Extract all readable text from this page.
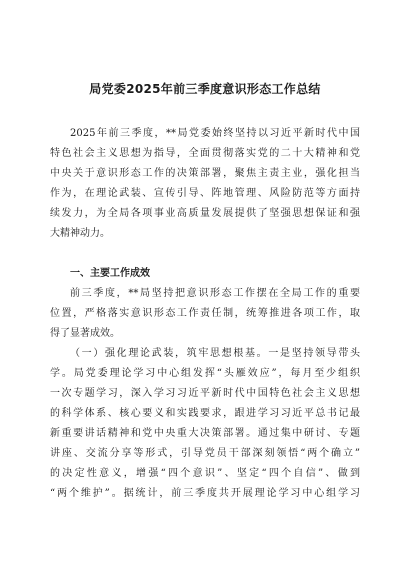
局党委2025年前三季度意识形态工作总结
2025年前三季度，**局党委始终坚持以习近平新时代中国
特色社会主义思想为指导，全面贯彻落实党的二十大精神和党
中央关于意识形态工作的决策部署，聚焦主责主业，强化担当
作为，在理论武装、宣传引导、阵地管理、风险防范等方面持
续发力，为全局各项事业高质量发展提供了坚强思想保证和强
大精神动力。
一、主要工作成效
前三季度，**局坚持把意识形态工作摆在全局工作的重要
位置，严格落实意识形态工作责任制，统筹推进各项工作，取
得了显著成效。
（一）强化理论武装，筑牢思想根基。一是坚持领导带头
学。局党委理论学习中心组发挥“头雁效应”，每月至少组织
一次专题学习，深入学习习近平新时代中国特色社会主义思想
的科学体系、核心要义和实践要求，跟进学习习近平总书记最
新重要讲话精神和党中央重大决策部署。通过集中研讨、专题
讲座、交流分享等形式，引导党员干部深刻领悟“两个确立”
的决定性意义，增强“四个意识”、坚定“四个自信”、做到
“两个维护”。据统计，前三季度共开展理论学习中心组学习
